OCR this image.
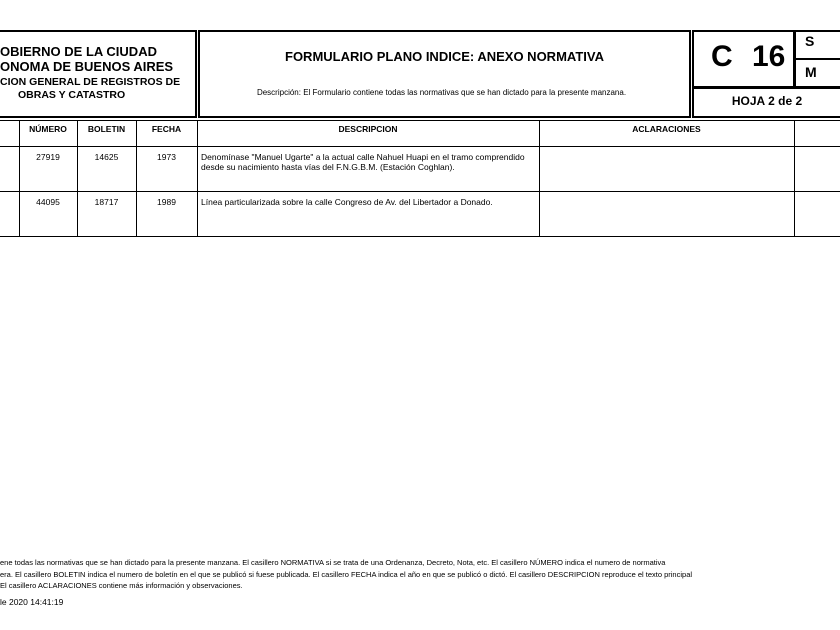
OBIERNO DE LA CIUDAD
ONOMA DE BUENOS AIRES
CION GENERAL DE REGISTROS DE
OBRAS Y CATASTRO
FORMULARIO PLANO INDICE: ANEXO NORMATIVA
Descripción: El Formulario contiene todas las normativas que se han dictado para la presente manzana.
C 16 S
M
HOJA 2 de 2
NÚMERO	BOLETIN	FECHA	DESCRIPCION	ACLARACIONES
27919	14625	1973	Denomínase "Manuel Ugarte" a la actual calle Nahuel Huapi en el tramo comprendido
desde su nacimiento hasta vías del F.N.G.B.M. (Estación Coghlan).
44095	18717	1989	Línea particularizada sobre la calle Congreso de Av. del Libertador a Donado.
ene todas las normativas que se han dictado para la presente manzana. El casillero NORMATIVA si se trata de una Ordenanza, Decreto, Nota, etc. El casillero NÚMERO indica el numero de normativa
era. El casillero BOLETIN indica el numero de boletín en el que se publicó si fuese publicada. El casillero FECHA indica el año en que se publicó o dictó. El casillero DESCRIPCION reproduce el texto principal
El casillero ACLARACIONES contiene más información y observaciones.
le 2020 14:41:19
